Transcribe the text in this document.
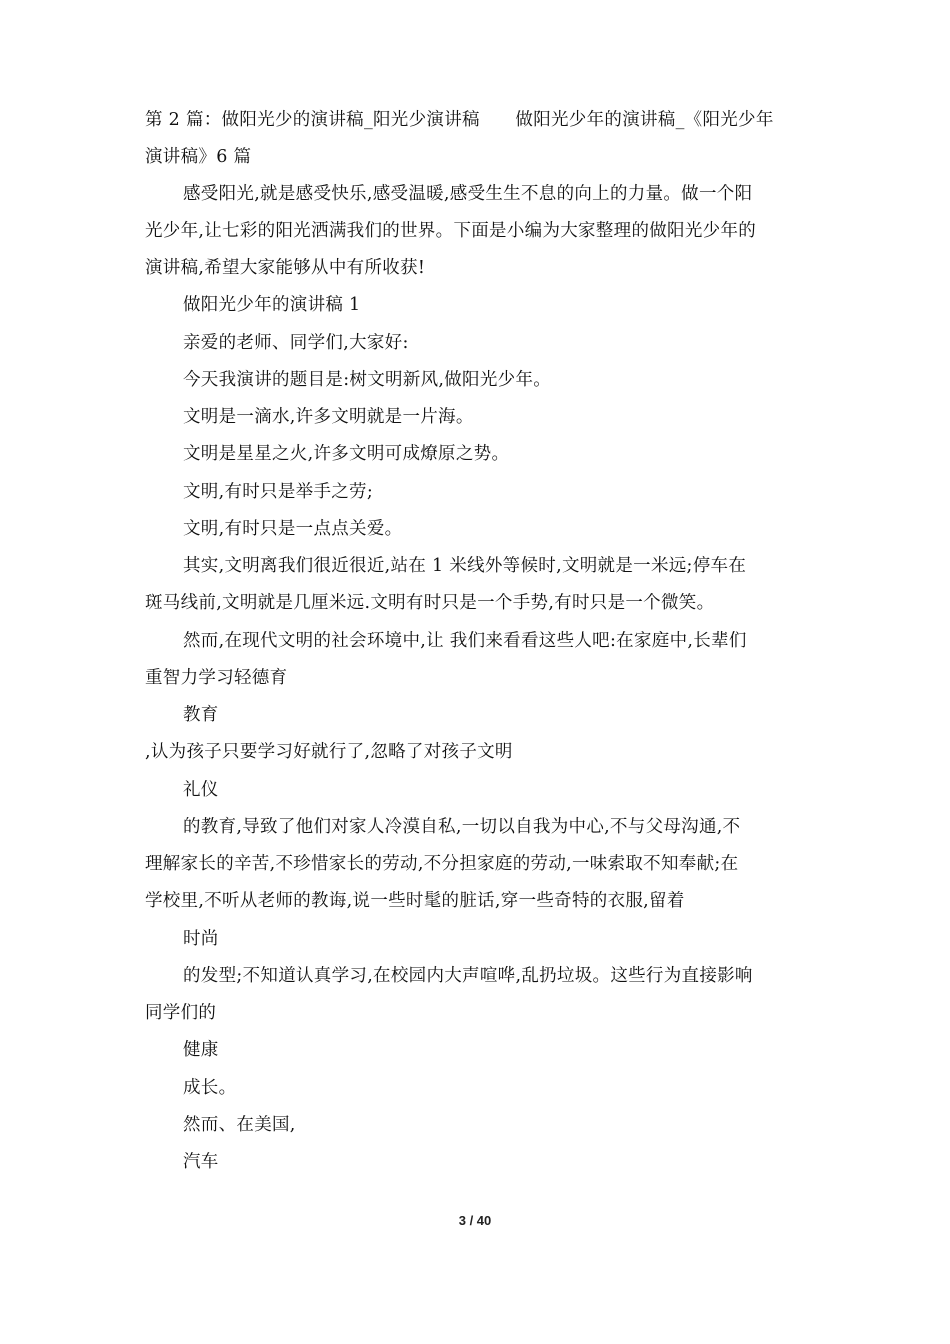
第 2 篇：做阳光少的演讲稿_阳光少演讲稿　　做阳光少年的演讲稿_《阳光少年
演讲稿》6 篇
感受阳光,就是感受快乐,感受温暖,感受生生不息的向上的力量。做一个阳
光少年,让七彩的阳光洒满我们的世界。下面是小编为大家整理的做阳光少年的
演讲稿,希望大家能够从中有所收获!
做阳光少年的演讲稿 1
亲爱的老师、同学们,大家好:
今天我演讲的题目是:树文明新风,做阳光少年。
文明是一滴水,许多文明就是一片海。
文明是星星之火,许多文明可成燎原之势。
文明,有时只是举手之劳;
文明,有时只是一点点关爱。
其实,文明离我们很近很近,站在 1 米线外等候时,文明就是一米远;停车在
斑马线前,文明就是几厘米远.文明有时只是一个手势,有时只是一个微笑。
然而,在现代文明的社会环境中,让 我们来看看这些人吧:在家庭中,长辈们
重智力学习轻德育
教育
,认为孩子只要学习好就行了,忽略了对孩子文明
礼仪
的教育,导致了他们对家人冷漠自私,一切以自我为中心,不与父母沟通,不
理解家长的辛苦,不珍惜家长的劳动,不分担家庭的劳动,一味索取不知奉献;在
学校里,不听从老师的教诲,说一些时髦的脏话,穿一些奇特的衣服,留着
时尚
的发型;不知道认真学习,在校园内大声喧哗,乱扔垃圾。这些行为直接影响
同学们的
健康
成长。
然而、在美国,
汽车
3 / 40
